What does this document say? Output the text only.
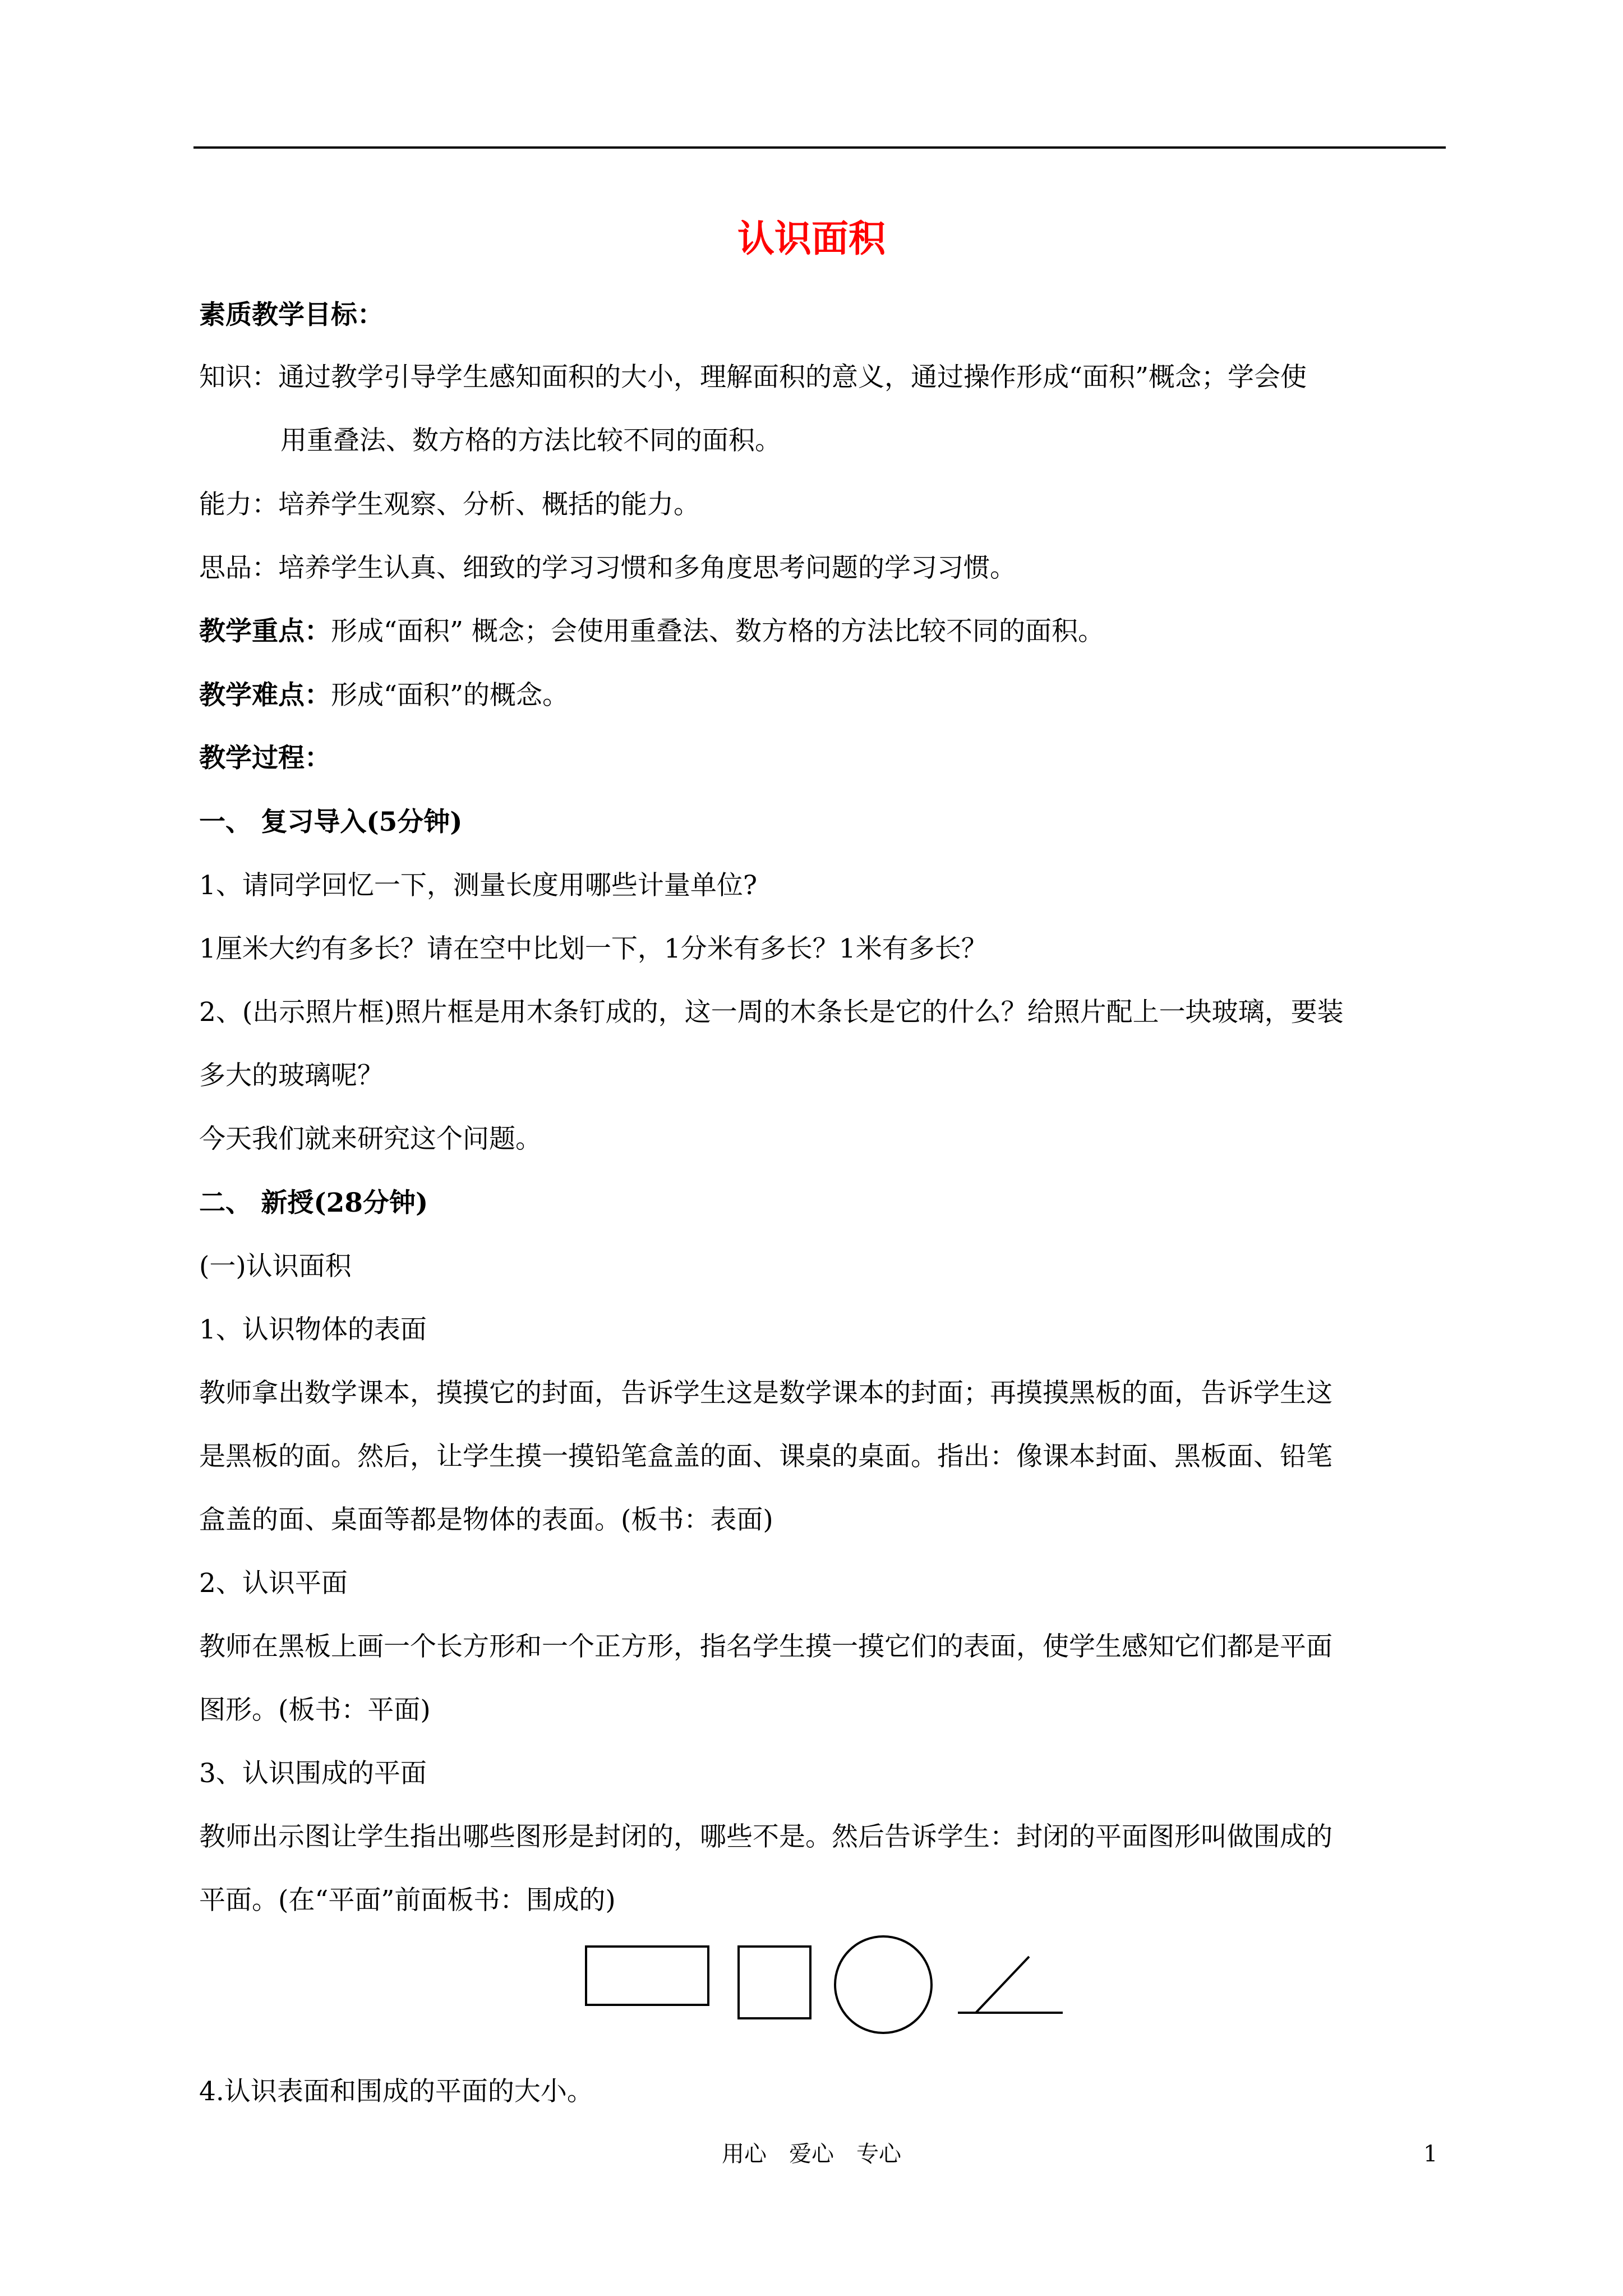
认识面积
素质教学目标：
知识：通过教学引导学生感知面积的大小，理解面积的意义，通过操作形成“面积”概念；学会使
用重叠法、数方格的方法比较不同的面积。
能力：培养学生观察、分析、概括的能力。
思品：培养学生认真、细致的学习习惯和多角度思考问题的学习习惯。
教学重点：形成“面积” 概念；会使用重叠法、数方格的方法比较不同的面积。
教学难点：形成“面积”的概念。
教学过程：
一、 复习导入(5分钟)
1、请同学回忆一下，测量长度用哪些计量单位?
1厘米大约有多长？请在空中比划一下，1分米有多长？1米有多长？
2、(出示照片框)照片框是用木条钉成的，这一周的木条长是它的什么？给照片配上一块玻璃，要装
多大的玻璃呢？
今天我们就来研究这个问题。
二、 新授(28分钟)
(一)认识面积
1、认识物体的表面
教师拿出数学课本，摸摸它的封面，告诉学生这是数学课本的封面；再摸摸黑板的面，告诉学生这
是黑板的面。然后，让学生摸一摸铅笔盒盖的面、课桌的桌面。指出：像课本封面、黑板面、铅笔
盒盖的面、桌面等都是物体的表面。(板书：表面)
2、认识平面
教师在黑板上画一个长方形和一个正方形，指名学生摸一摸它们的表面，使学生感知它们都是平面
图形。(板书：平面)
3、认识围成的平面
教师出示图让学生指出哪些图形是封闭的，哪些不是。然后告诉学生：封闭的平面图形叫做围成的
平面。(在“平面”前面板书：围成的)
4.认识表面和围成的平面的大小。
用心　爱心　专心	1
